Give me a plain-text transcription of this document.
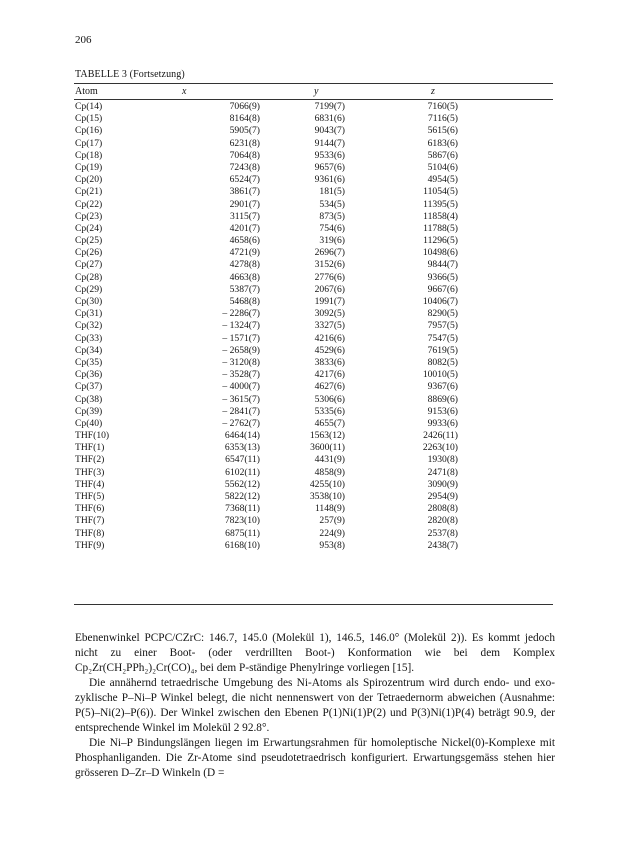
206
TABELLE 3 (Fortsetzung)
Atom	x	y	z
Cp(14)	7066(9)	7199(7)	7160(5)
Cp(15)	8164(8)	6831(6)	7116(5)
Cp(16)	5905(7)	9043(7)	5615(6)
Cp(17)	6231(8)	9144(7)	6183(6)
Cp(18)	7064(8)	9533(6)	5867(6)
Cp(19)	7243(8)	9657(6)	5104(6)
Cp(20)	6524(7)	9361(6)	4954(5)
Cp(21)	3861(7)	181(5)	11054(5)
Cp(22)	2901(7)	534(5)	11395(5)
Cp(23)	3115(7)	873(5)	11858(4)
Cp(24)	4201(7)	754(6)	11788(5)
Cp(25)	4658(6)	319(6)	11296(5)
Cp(26)	4721(9)	2696(7)	10498(6)
Cp(27)	4278(8)	3152(6)	9844(7)
Cp(28)	4663(8)	2776(6)	9366(5)
Cp(29)	5387(7)	2067(6)	9667(6)
Cp(30)	5468(8)	1991(7)	10406(7)
Cp(31)	– 2286(7)	3092(5)	8290(5)
Cp(32)	– 1324(7)	3327(5)	7957(5)
Cp(33)	– 1571(7)	4216(6)	7547(5)
Cp(34)	– 2658(9)	4529(6)	7619(5)
Cp(35)	– 3120(8)	3833(6)	8082(5)
Cp(36)	– 3528(7)	4217(6)	10010(5)
Cp(37)	– 4000(7)	4627(6)	9367(6)
Cp(38)	– 3615(7)	5306(6)	8869(6)
Cp(39)	– 2841(7)	5335(6)	9153(6)
Cp(40)	– 2762(7)	4655(7)	9933(6)
THF(10)	6464(14)	1563(12)	2426(11)
THF(1)	6353(13)	3600(11)	2263(10)
THF(2)	6547(11)	4431(9)	1930(8)
THF(3)	6102(11)	4858(9)	2471(8)
THF(4)	5562(12)	4255(10)	3090(9)
THF(5)	5822(12)	3538(10)	2954(9)
THF(6)	7368(11)	1148(9)	2808(8)
THF(7)	7823(10)	257(9)	2820(8)
THF(8)	6875(11)	224(9)	2537(8)
THF(9)	6168(10)	953(8)	2438(7)

Ebenenwinkel PCPC/CZrC: 146.7, 145.0 (Molekül 1), 146.5, 146.0° (Molekül 2)). Es kommt jedoch nicht zu einer Boot- (oder verdrillten Boot-) Konformation wie bei dem Komplex Cp₂Zr(CH₂PPh₂)₂Cr(CO)₄, bei dem P-ständige Phenylringe vorliegen [15].

Die annähernd tetraedrische Umgebung des Ni-Atoms als Spirozentrum wird durch endo- und exo-zyklische P–Ni–P Winkel belegt, die nicht nennenswert von der Tetraedernorm abweichen (Ausnahme: P(5)–Ni(2)–P(6)). Der Winkel zwischen den Ebenen P(1)Ni(1)P(2) und P(3)Ni(1)P(4) beträgt 90.9, der entsprechende Winkel im Molekül 2 92.8°.

Die Ni–P Bindungslängen liegen im Erwartungsrahmen für homoleptische Nickel(0)-Komplexe mit Phosphanliganden. Die Zr-Atome sind pseudotetraedrisch konfiguriert. Erwartungsgemäss stehen hier grösseren D–Zr–D Winkeln (D =
